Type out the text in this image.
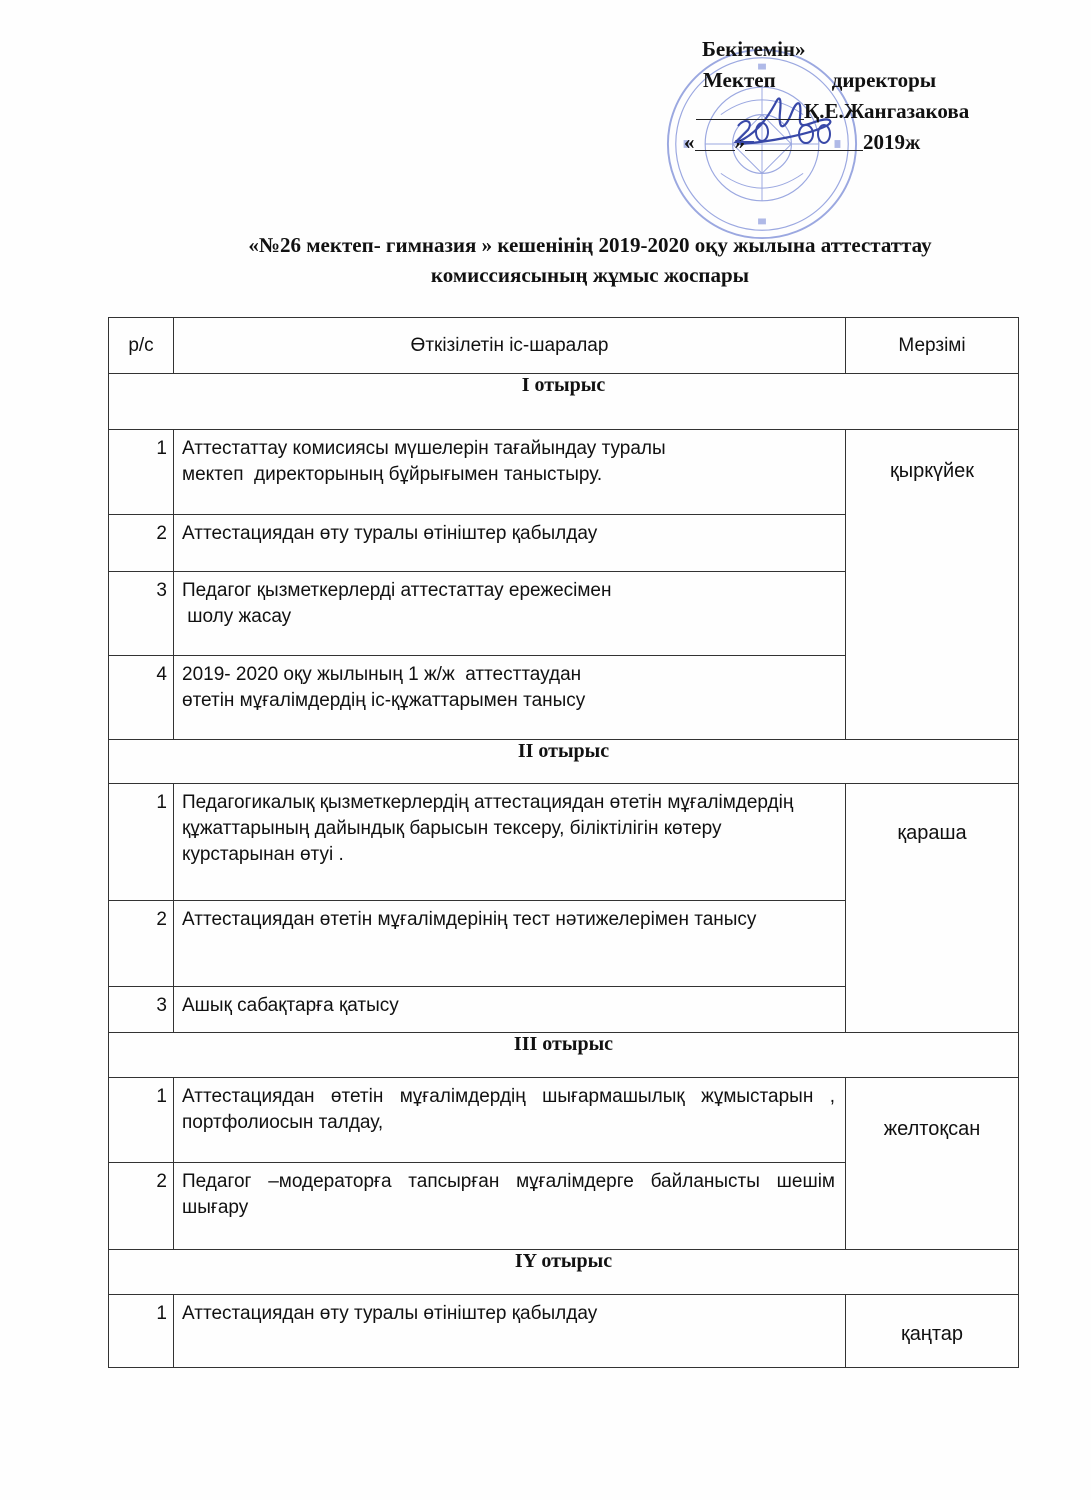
Бекітемін»
Мектеп	директоры
Қ.Е.Жангазакова
« »	2019ж
«№26 мектеп- гимназия » кешенінің 2019-2020 оқу жылына аттестаттау
комиссиясының жұмыс жоспары
р/с	Өткізілетін іс-шаралар	Мерзімі
I отырыс		
1	Аттестаттау комисиясы мүшелерін тағайындау туралы
мектеп  директорының бұйрығымен таныстыру.	қыркүйек

2	Аттестациядан өту туралы өтініштер қабылдау	
3	Педагог қызметкерлерді аттестаттау ережесімен
шолу жасау	
4	2019- 2020 оқу жылының 1 ж/ж  аттесттаудан
өтетін мұғалімдердің іс-құжаттарымен танысу	
II отырыс		
1	Педагогикалық қызметкерлердің аттестациядан өтетін мұғалімдердің құжаттарының дайындық барысын тексеру, біліктілігін көтеру курстарынан өтуі .	қараша

2	Аттестациядан өтетін мұғалімдерінің тест нәтижелерімен танысу	
3	Ашық сабақтарға қатысу	
III отырыс		
1	Аттестациядан өтетін мұғалімдердің шығармашылық жұмыстарын , портфолиосын талдау,	желтоқсан

2	Педагог –модераторға тапсырған мұғалімдерге байланысты шешім шығару	
IY отырыс		
1	Аттестациядан өту туралы өтініштер қабылдау	қаңтар
